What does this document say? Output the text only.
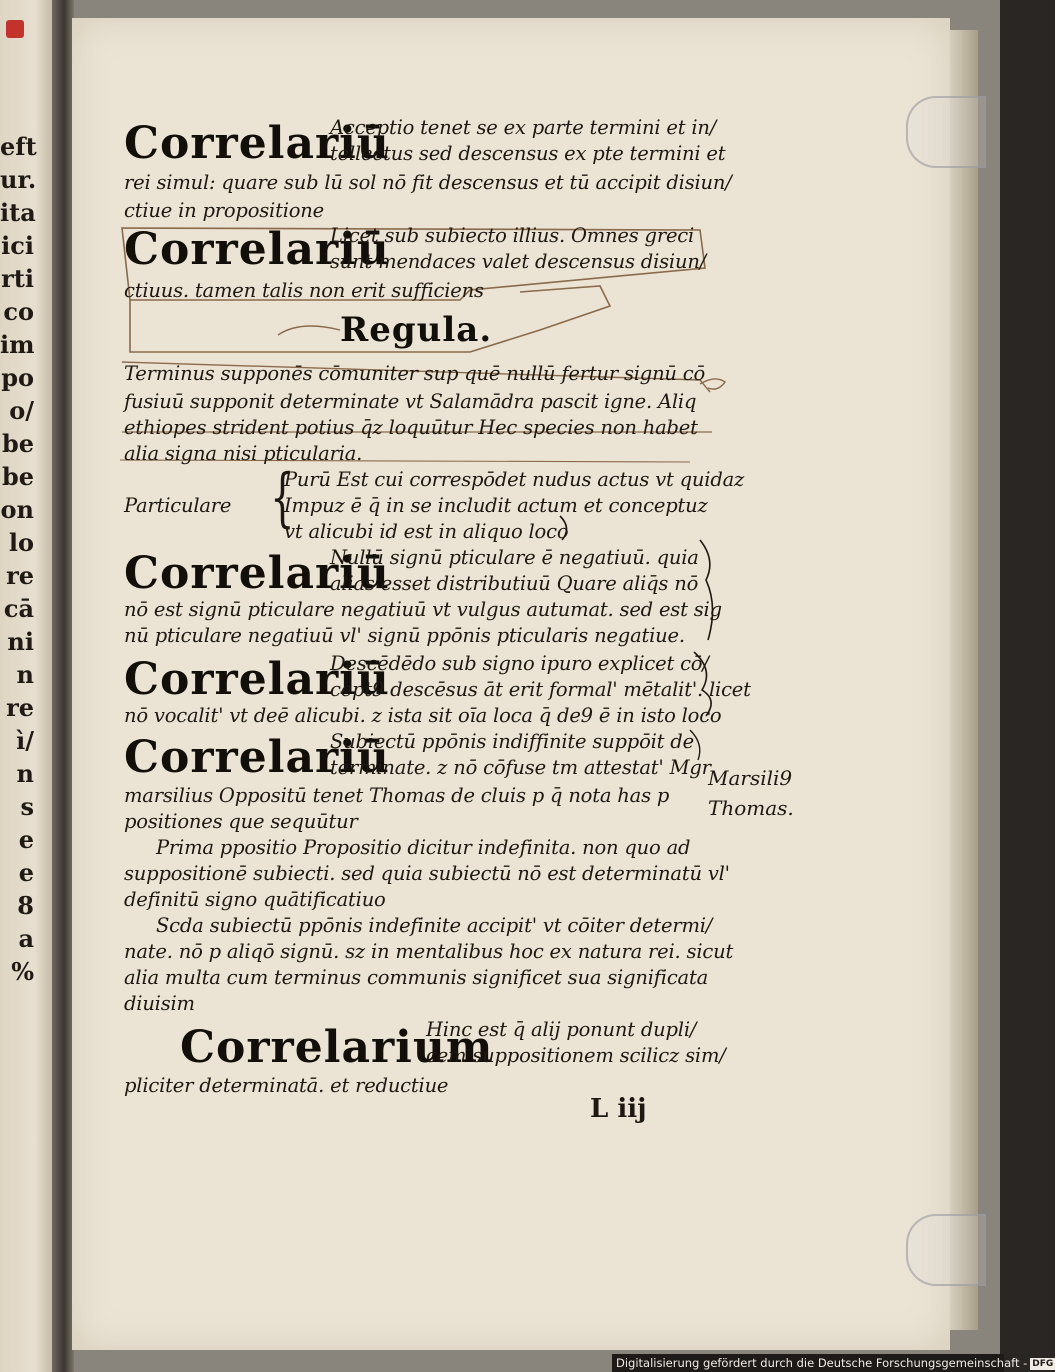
eft
ur.
ita
ici
rti
co
im
po
o/
be
be
on
lo
re
cā
ni
n
re
ì/
n
s
e
e
8
a
%
Correlariū
Acceptio tenet se ex parte termini et in/
tellectus sed descensus ex pte termini et
rei simul: quare sub lū sol nō fit descensus et tū accipit disiun/
ctiue in propositione
Correlariū
Licet sub subiecto illius. Omnes greci
sunt mendaces valet descensus disiun/
ctiuus. tamen talis non erit sufficiens
Regula.
Terminus supponēs cōmuniter sup quē nullū fertur signū cō
fusiuū supponit determinate vt Salamādra pascit igne. Aliq
ethiopes strident potius q̄z loquūtur Hec species non habet
alia signa nisi pticularia.
Particulare {
Purū Est cui correspōdet nudus actus vt quidaz
Impuz ē q̄ in se includit actum et conceptuz
vt alicubi id est in aliquo loco
Correlariū
Nullū signū pticulare ē negatiuū. quia
alias esset distributiuū Quare aliq̄s nō
nō est signū pticulare negatiuū vt vulgus autumat. sed est sig
nū pticulare negatiuū vl' signū ppōnis pticularis negatiue.
Correlariū
Descēdēdo sub signo ipuro explicet cō/
cept9 descēsus āt erit formal' mētalit'. licet
nō vocalit' vt deē alicubi. z ista sit oīa loca q̄ de9 ē in isto loco
Correlariū
Subiectū ppōnis indiffinite suppōit de
terminate. z nō cōfuse tm attestat' Mgr
marsilius Oppositū tenet Thomas de cluis p q̄ nota has p
positiones que sequūtur
Marsili9
Thomas.
Prima ppositio Propositio dicitur indefinita. non quo ad
suppositionē subiecti. sed quia subiectū nō est determinatū vl'
definitū signo quātificatiuo
Scda subiectū ppōnis indefinite accipit' vt cōiter determi/
nate. nō p aliqō signū. sz in mentalibus hoc ex natura rei. sicut
alia multa cum terminus communis significet sua significata
diuisim
Correlarium
Hinc est q̄ alij ponunt dupli/
cem suppositionem scilicz sim/
pliciter determinatā. et reductiue
L iij
Digitalisierung gefördert durch die Deutsche Forschungsgemeinschaft - DFG
